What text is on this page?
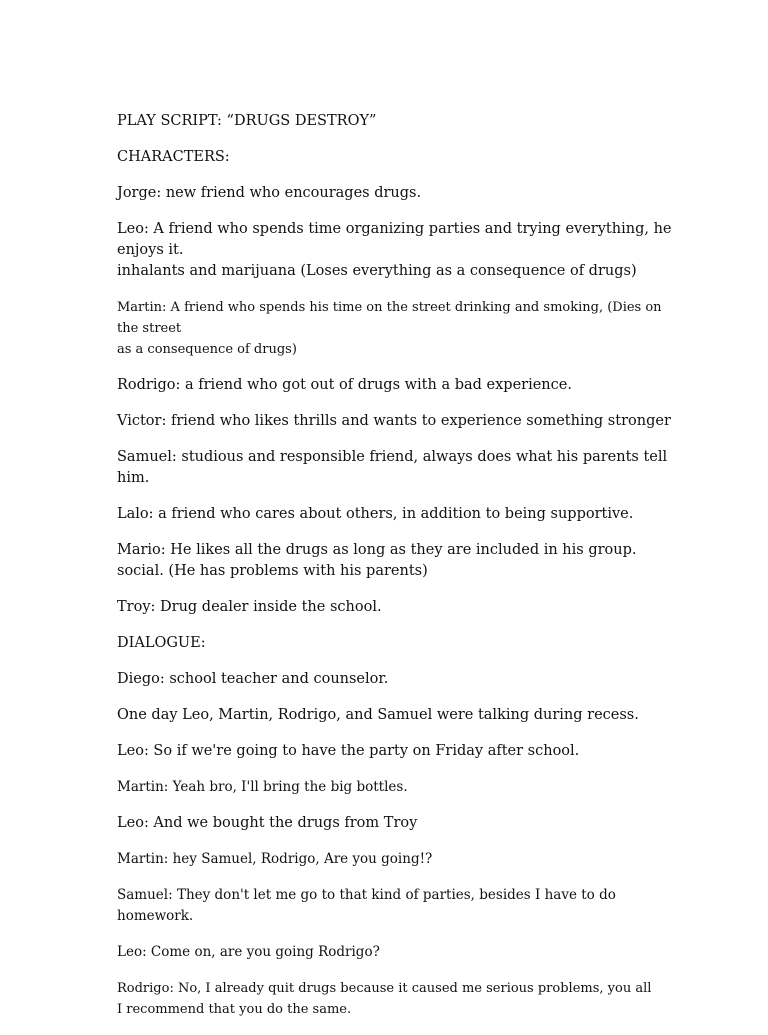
PLAY SCRIPT: “DRUGS DESTROY”

CHARACTERS:

Jorge: new friend who encourages drugs.

Leo: A friend who spends time organizing parties and trying everything, he enjoys it.
inhalants and marijuana (Loses everything as a consequence of drugs)

Martin: A friend who spends his time on the street drinking and smoking, (Dies on the street
as a consequence of drugs)

Rodrigo: a friend who got out of drugs with a bad experience.

Victor: friend who likes thrills and wants to experience something stronger

Samuel: studious and responsible friend, always does what his parents tell him.

Lalo: a friend who cares about others, in addition to being supportive.

Mario: He likes all the drugs as long as they are included in his group.
social. (He has problems with his parents)

Troy: Drug dealer inside the school.

DIALOGUE:

Diego: school teacher and counselor.

One day Leo, Martin, Rodrigo, and Samuel were talking during recess.

Leo: So if we're going to have the party on Friday after school.

Martin: Yeah bro, I'll bring the big bottles.

Leo: And we bought the drugs from Troy

Martin: hey Samuel, Rodrigo, Are you going!?

Samuel: They don't let me go to that kind of parties, besides I have to do homework.

Leo: Come on, are you going Rodrigo?

Rodrigo: No, I already quit drugs because it caused me serious problems, you all
I recommend that you do the same.
